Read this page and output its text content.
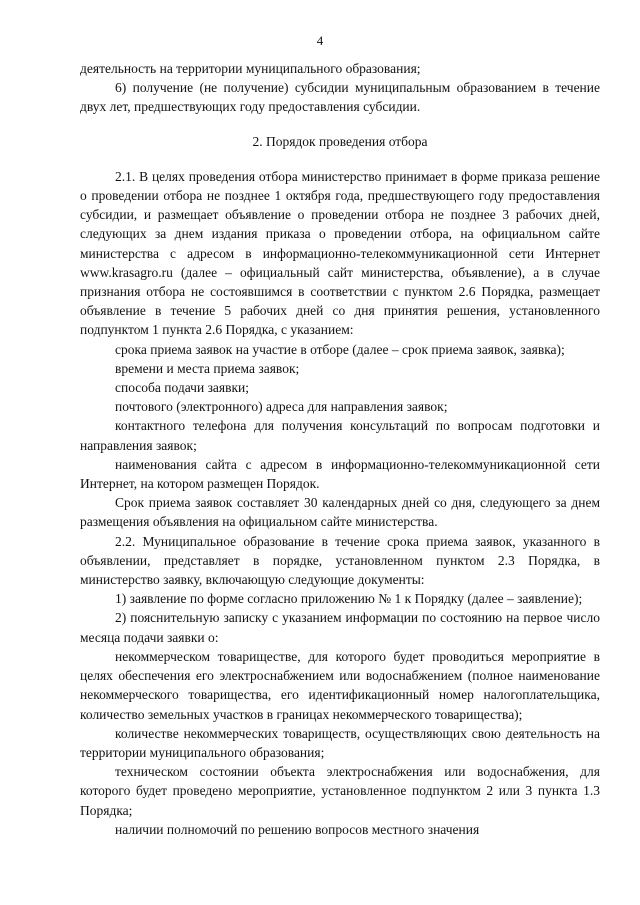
4

деятельность на территории муниципального образования;

6) получение (не получение) субсидии муниципальным образованием в течение двух лет, предшествующих году предоставления субсидии.

2. Порядок проведения отбора

2.1. В целях проведения отбора министерство принимает в форме приказа решение о проведении отбора не позднее 1 октября года, предшествующего году предоставления субсидии, и размещает объявление о проведении отбора не позднее 3 рабочих дней, следующих за днем издания приказа о проведении отбора, на официальном сайте министерства с адресом в информационно-телекоммуникационной сети Интернет www.krasagro.ru (далее – официальный сайт министерства, объявление), а в случае признания отбора не состоявшимся в соответствии с пунктом 2.6 Порядка, размещает объявление в течение 5 рабочих дней со дня принятия решения, установленного подпунктом 1 пункта 2.6 Порядка, с указанием:

срока приема заявок на участие в отборе (далее – срок приема заявок, заявка);

времени и места приема заявок;

способа подачи заявки;

почтового (электронного) адреса для направления заявок;

контактного телефона для получения консультаций по вопросам подготовки и направления заявок;

наименования сайта с адресом в информационно-телекоммуникационной сети Интернет, на котором размещен Порядок.

Срок приема заявок составляет 30 календарных дней со дня, следующего за днем размещения объявления на официальном сайте министерства.

2.2. Муниципальное образование в течение срока приема заявок, указанного в объявлении, представляет в порядке, установленном пунктом 2.3 Порядка, в министерство заявку, включающую следующие документы:

1) заявление по форме согласно приложению № 1 к Порядку (далее – заявление);

2) пояснительную записку с указанием информации по состоянию на первое число месяца подачи заявки о:

некоммерческом товариществе, для которого будет проводиться мероприятие в целях обеспечения его электроснабжением или водоснабжением (полное наименование некоммерческого товарищества, его идентификационный номер налогоплательщика, количество земельных участков в границах некоммерческого товарищества);

количестве некоммерческих товариществ, осуществляющих свою деятельность на территории муниципального образования;

техническом состоянии объекта электроснабжения или водоснабжения, для которого будет проведено мероприятие, установленное подпунктом 2 или 3 пункта 1.3 Порядка;

наличии полномочий по решению вопросов местного значения
